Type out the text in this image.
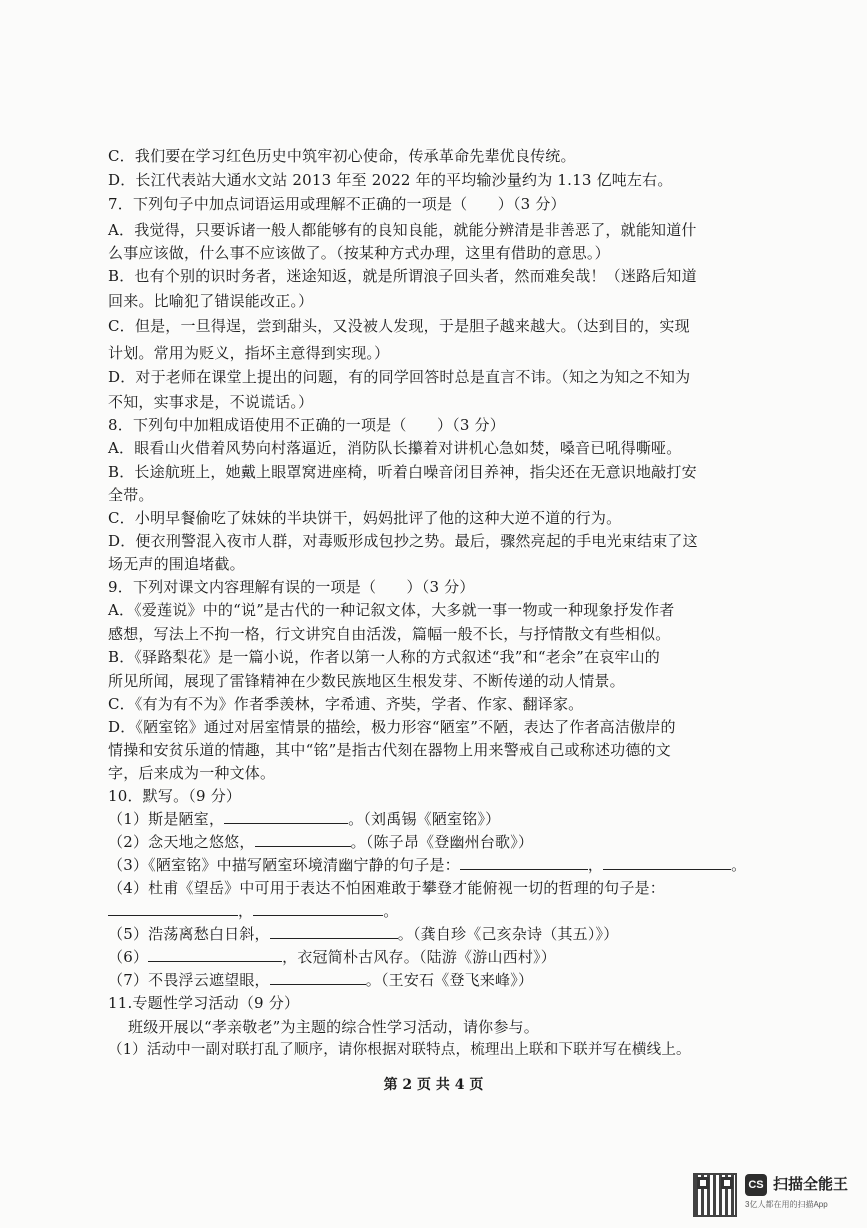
C．我们要在学习红色历史中筑牢初心使命，传承革命先辈优良传统。
D．长江代表站大通水文站 2013 年至 2022 年的平均输沙量约为 1.13 亿吨左右。
7．下列句子中加点词语运用或理解不正确的一项是（　　）（3 分）
A．我觉得，只要诉诸一般人都能够有的良知良能，就能分辨清是非善恶了，就能知道什
么事应该做，什么事不应该做了。（按某种方式办理，这里有借助的意思。）
B．也有个别的识时务者，迷途知返，就是所谓浪子回头者，然而难矣哉！（迷路后知道
回来。比喻犯了错误能改正。）
C．但是，一旦得逞，尝到甜头，又没被人发现，于是胆子越来越大。（达到目的，实现
计划。常用为贬义，指坏主意得到实现。）
D．对于老师在课堂上提出的问题，有的同学回答时总是直言不讳。（知之为知之不知为
不知，实事求是，不说谎话。）
8．下列句中加粗成语使用不正确的一项是（　　）（3 分）
A．眼看山火借着风势向村落逼近，消防队长攥着对讲机心急如焚，嗓音已吼得嘶哑。
B．长途航班上，她戴上眼罩窝进座椅，听着白噪音闭目养神，指尖还在无意识地敲打安
全带。
C．小明早餐偷吃了妹妹的半块饼干，妈妈批评了他的这种大逆不道的行为。
D．便衣刑警混入夜市人群，对毒贩形成包抄之势。最后，骤然亮起的手电光束结束了这
场无声的围追堵截。
9．下列对课文内容理解有误的一项是（　　）（3 分）
A．《爱莲说》中的“说”是古代的一种记叙文体，大多就一事一物或一种现象抒发作者
感想，写法上不拘一格，行文讲究自由活泼，篇幅一般不长，与抒情散文有些相似。
B．《驿路梨花》是一篇小说，作者以第一人称的方式叙述“我”和“老余”在哀牢山的
所见所闻，展现了雷锋精神在少数民族地区生根发芽、不断传递的动人情景。
C．《有为有不为》作者季羡林，字希逋、齐奘，学者、作家、翻译家。
D．《陋室铭》通过对居室情景的描绘，极力形容“陋室”不陋，表达了作者高洁傲岸的
情操和安贫乐道的情趣，其中“铭”是指古代刻在器物上用来警戒自己或称述功德的文
字，后来成为一种文体。
10．默写。（9 分）
（1）斯是陋室，	。（刘禹锡《陋室铭》）
（2）念天地之悠悠，	。（陈子昂《登幽州台歌》）
（3）《陋室铭》中描写陋室环境清幽宁静的句子是：	，	。
（4）杜甫《望岳》中可用于表达不怕困难敢于攀登才能俯视一切的哲理的句子是：
，	。
（5）浩荡离愁白日斜，	。（龚自珍《己亥杂诗（其五）》）
（6）	，衣冠简朴古风存。（陆游《游山西村》）
（7）不畏浮云遮望眼，	。（王安石《登飞来峰》）
11.专题性学习活动（9 分）
班级开展以“孝亲敬老”为主题的综合性学习活动，请你参与。
（1）活动中一副对联打乱了顺序，请你根据对联特点，梳理出上联和下联并写在横线上。
第 2 页 共 4 页
CS 扫描全能王
3亿人都在用的扫描App
